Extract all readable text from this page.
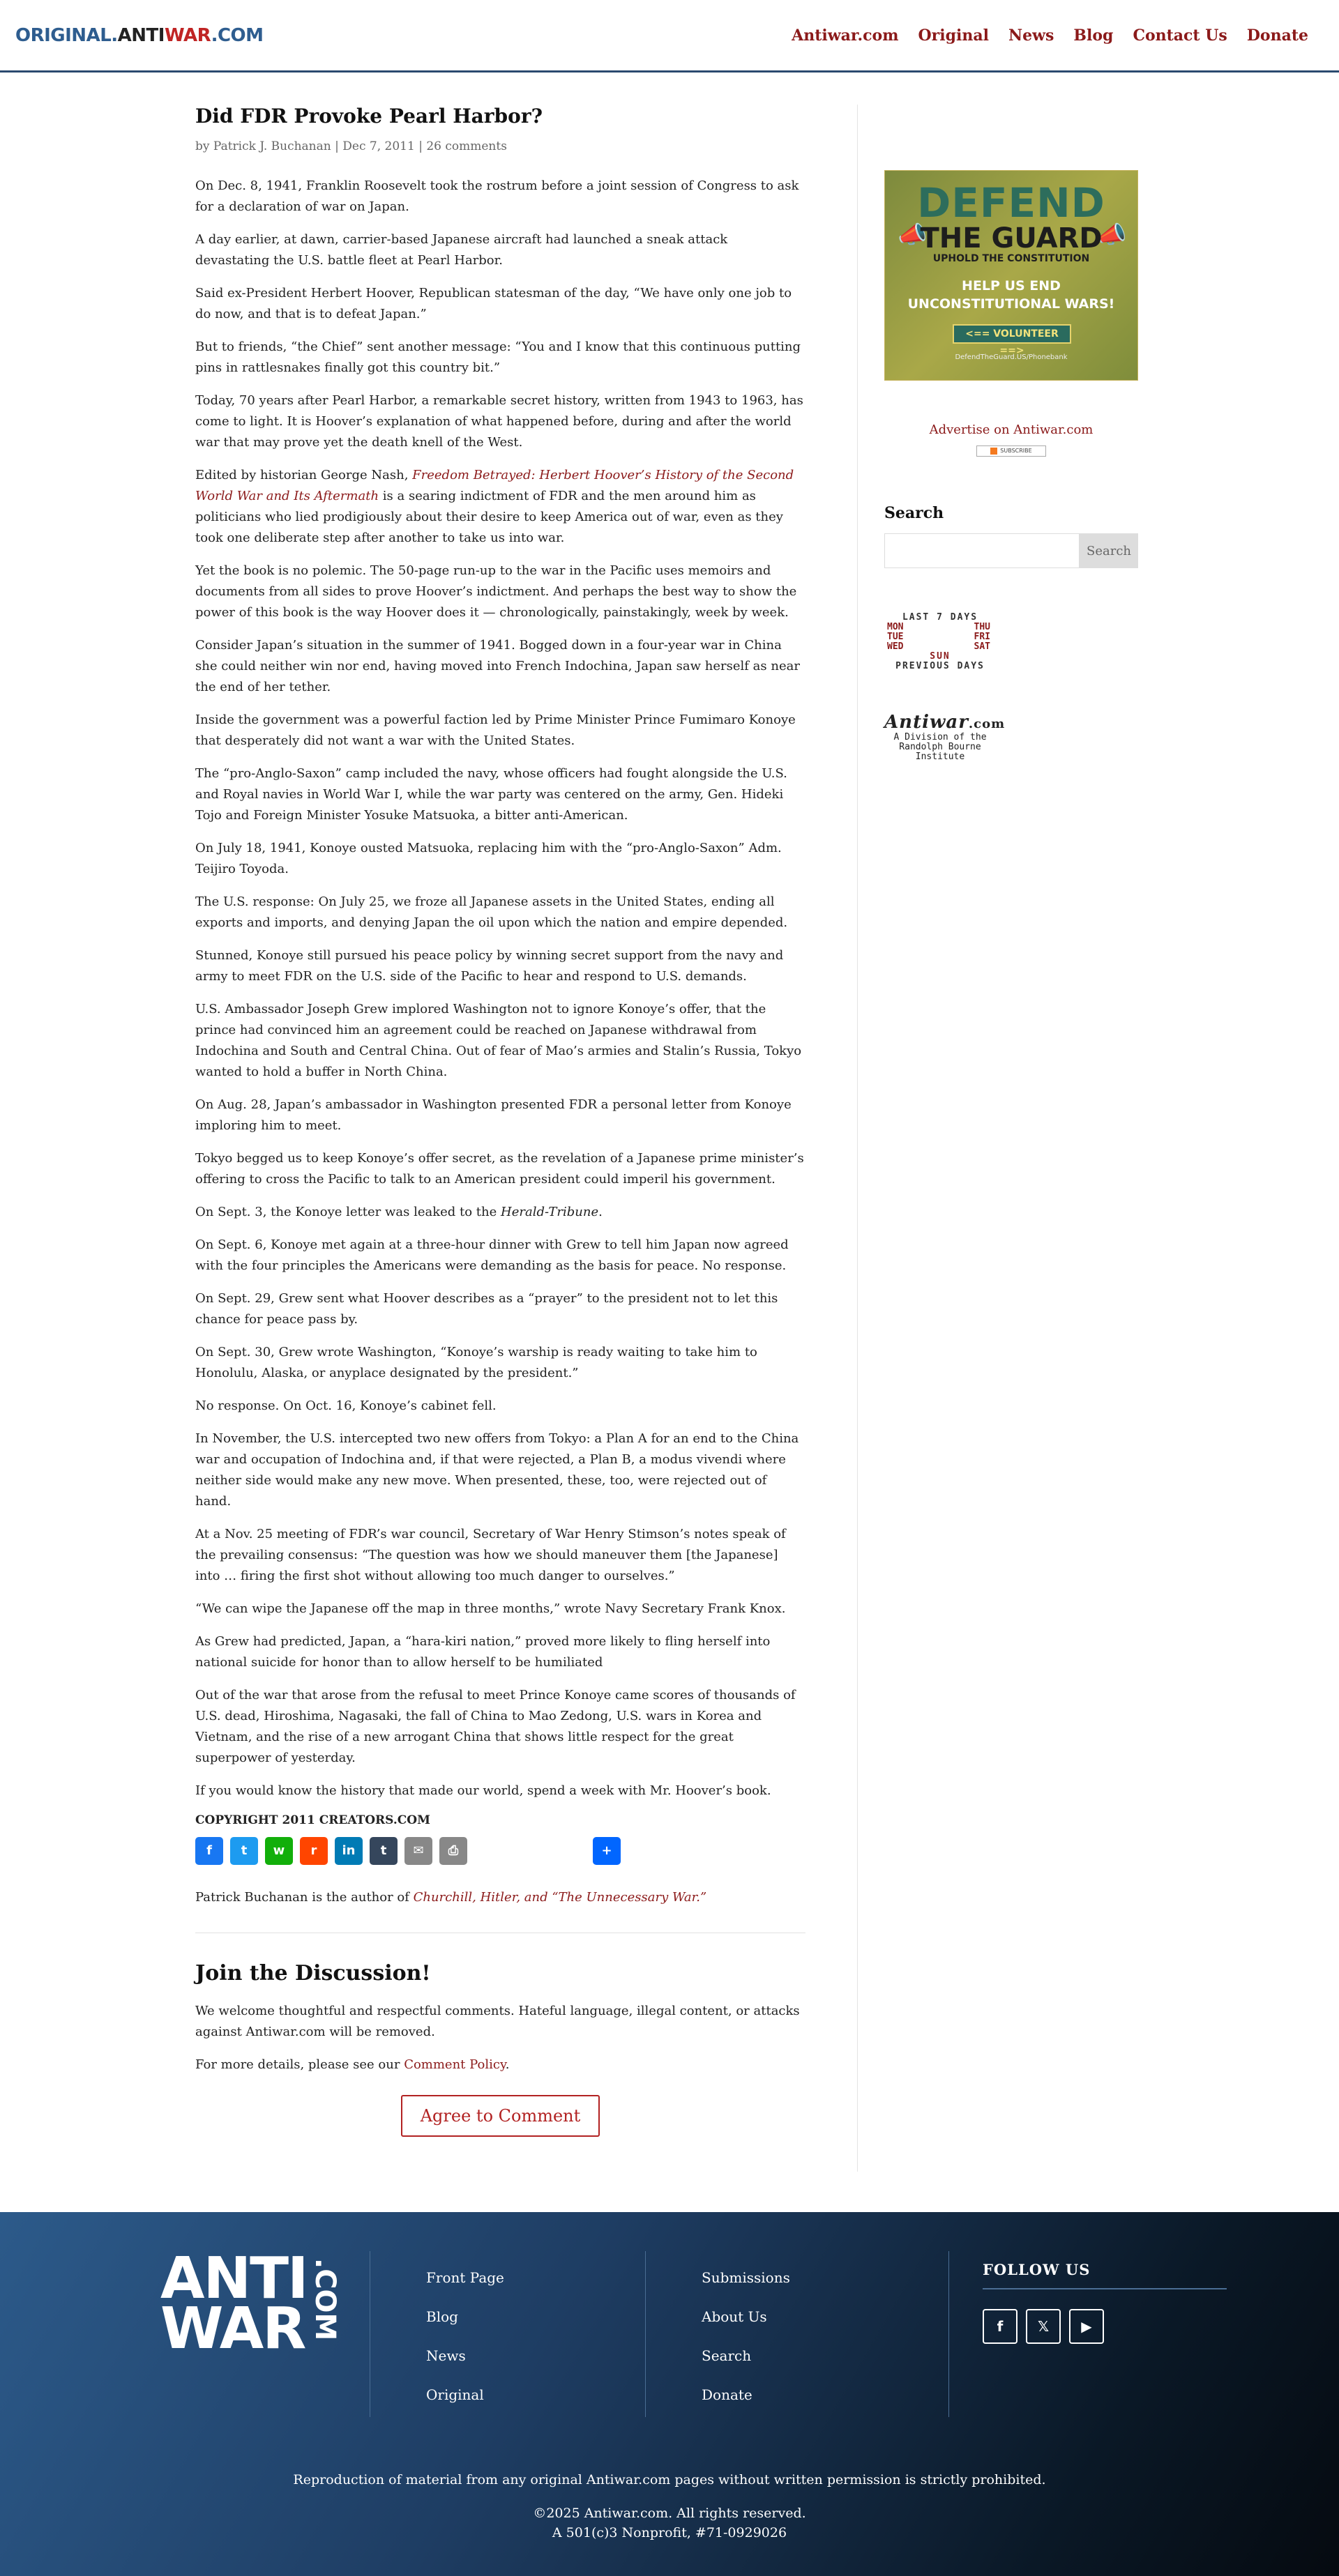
ORIGINAL.ANTIWAR.COM	Antiwar.com Original News Blog Contact Us Donate
Did FDR Provoke Pearl Harbor?
by Patrick J. Buchanan | Dec 7, 2011 | 26 comments

On Dec. 8, 1941, Franklin Roosevelt took the rostrum before a joint session of Congress to ask for a declaration of war on Japan.

A day earlier, at dawn, carrier-based Japanese aircraft had launched a sneak attack devastating the U.S. battle fleet at Pearl Harbor.

Said ex-President Herbert Hoover, Republican statesman of the day, “We have only one job to do now, and that is to defeat Japan.”

But to friends, “the Chief” sent another message: “You and I know that this continuous putting pins in rattlesnakes finally got this country bit.”

Today, 70 years after Pearl Harbor, a remarkable secret history, written from 1943 to 1963, has come to light. It is Hoover’s explanation of what happened before, during and after the world war that may prove yet the death knell of the West.

Edited by historian George Nash, Freedom Betrayed: Herbert Hoover’s History of the Second World War and Its Aftermath is a searing indictment of FDR and the men around him as politicians who lied prodigiously about their desire to keep America out of war, even as they took one deliberate step after another to take us into war.

Yet the book is no polemic. The 50-page run-up to the war in the Pacific uses memoirs and documents from all sides to prove Hoover’s indictment. And perhaps the best way to show the power of this book is the way Hoover does it — chronologically, painstakingly, week by week.

Consider Japan’s situation in the summer of 1941. Bogged down in a four-year war in China she could neither win nor end, having moved into French Indochina, Japan saw herself as near the end of her tether.

Inside the government was a powerful faction led by Prime Minister Prince Fumimaro Konoye that desperately did not want a war with the United States.

The “pro-Anglo-Saxon” camp included the navy, whose officers had fought alongside the U.S. and Royal navies in World War I, while the war party was centered on the army, Gen. Hideki Tojo and Foreign Minister Yosuke Matsuoka, a bitter anti-American.

On July 18, 1941, Konoye ousted Matsuoka, replacing him with the “pro-Anglo-Saxon” Adm. Teijiro Toyoda.

The U.S. response: On July 25, we froze all Japanese assets in the United States, ending all exports and imports, and denying Japan the oil upon which the nation and empire depended.

Stunned, Konoye still pursued his peace policy by winning secret support from the navy and army to meet FDR on the U.S. side of the Pacific to hear and respond to U.S. demands.

U.S. Ambassador Joseph Grew implored Washington not to ignore Konoye’s offer, that the prince had convinced him an agreement could be reached on Japanese withdrawal from Indochina and South and Central China. Out of fear of Mao’s armies and Stalin’s Russia, Tokyo wanted to hold a buffer in North China.

On Aug. 28, Japan’s ambassador in Washington presented FDR a personal letter from Konoye imploring him to meet.

Tokyo begged us to keep Konoye’s offer secret, as the revelation of a Japanese prime minister’s offering to cross the Pacific to talk to an American president could imperil his government.

On Sept. 3, the Konoye letter was leaked to the Herald-Tribune.

On Sept. 6, Konoye met again at a three-hour dinner with Grew to tell him Japan now agreed with the four principles the Americans were demanding as the basis for peace. No response.

On Sept. 29, Grew sent what Hoover describes as a “prayer” to the president not to let this chance for peace pass by.

On Sept. 30, Grew wrote Washington, “Konoye’s warship is ready waiting to take him to Honolulu, Alaska, or anyplace designated by the president.”

No response. On Oct. 16, Konoye’s cabinet fell.

In November, the U.S. intercepted two new offers from Tokyo: a Plan A for an end to the China war and occupation of Indochina and, if that were rejected, a Plan B, a modus vivendi where neither side would make any new move. When presented, these, too, were rejected out of hand.

At a Nov. 25 meeting of FDR’s war council, Secretary of War Henry Stimson’s notes speak of the prevailing consensus: “The question was how we should maneuver them [the Japanese] into … firing the first shot without allowing too much danger to ourselves.”

“We can wipe the Japanese off the map in three months,” wrote Navy Secretary Frank Knox.

As Grew had predicted, Japan, a “hara-kiri nation,” proved more likely to fling herself into national suicide for honor than to allow herself to be humiliated

Out of the war that arose from the refusal to meet Prince Konoye came scores of thousands of U.S. dead, Hiroshima, Nagasaki, the fall of China to Mao Zedong, U.S. wars in Korea and Vietnam, and the rise of a new arrogant China that shows little respect for the great superpower of yesterday.

If you would know the history that made our world, spend a week with Mr. Hoover’s book.

COPYRIGHT 2011 CREATORS.COM
f	t	w	r	in	t	✉	⎙	+

Patrick Buchanan is the author of Churchill, Hitler, and “The Unnecessary War.”

Join the Discussion!

We welcome thoughtful and respectful comments. Hateful language, illegal content, or attacks against Antiwar.com will be removed.

For more details, please see our Comment Policy.

Agree to Comment
📣	📣
DEFEND
THE GUARD
UPHOLD THE CONSTITUTION
HELP US END
UNCONSTITUTIONAL WARS!
<== VOLUNTEER ==>
DefendTheGuard.US/Phonebank
Advertise on Antiwar.com
SUBSCRIBE
Search
Search
LAST 7 DAYS
MON	THU
TUE	FRI
WED	SAT
SUN
PREVIOUS DAYS
Antiwar.com
A Division of the
Randolph Bourne
Institute
ANTI
WAR .COM	Front Page
Blog
News
Original
Submissions
About Us
Search
Donate
FOLLOW US
f	𝕏	▶
Reproduction of material from any original Antiwar.com pages without written permission is strictly prohibited.
©2025 Antiwar.com. All rights reserved.
A 501(c)3 Nonprofit, #71-0929026
